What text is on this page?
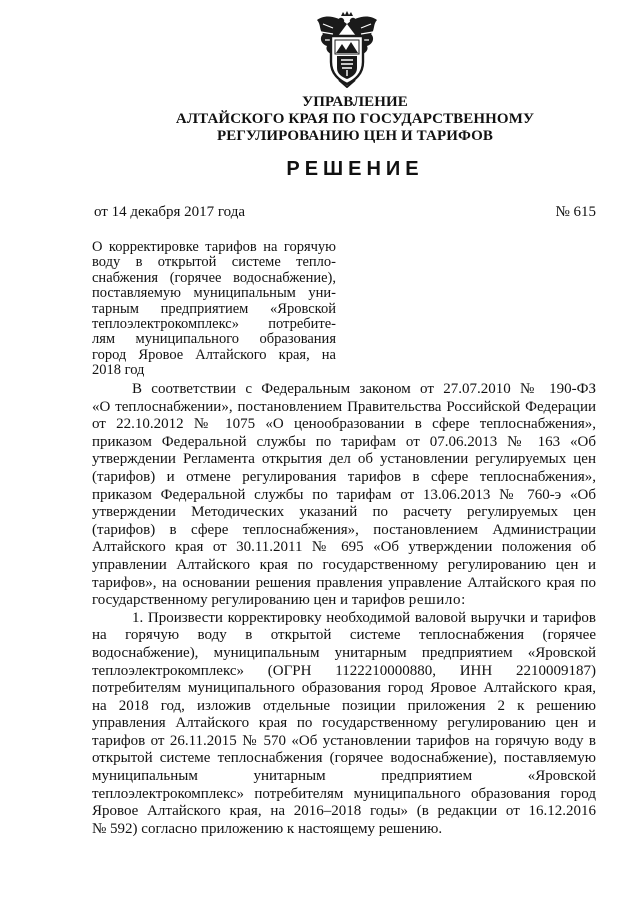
УПРАВЛЕНИЕ
АЛТАЙСКОГО КРАЯ ПО ГОСУДАРСТВЕННОМУ
РЕГУЛИРОВАНИЮ ЦЕН И ТАРИФОВ
РЕШЕНИЕ
от 14 декабря 2017 года	№ 615
О корректировке тарифов на горячую
воду в открытой системе тепло-
снабжения (горячее водоснабжение),
поставляемую муниципальным уни-
тарным предприятием «Яровской
теплоэлектрокомплекс» потребите-
лям муниципального образования
город Яровое Алтайского края, на
2018 год
В соответствии с Федеральным законом от 27.07.2010 № 190-ФЗ
«О теплоснабжении», постановлением Правительства Российской Федерации
от 22.10.2012 № 1075 «О ценообразовании в сфере теплоснабжения»,
приказом Федеральной службы по тарифам от 07.06.2013 № 163 «Об
утверждении Регламента открытия дел об установлении регулируемых цен
(тарифов) и отмене регулирования тарифов в сфере теплоснабжения»,
приказом Федеральной службы по тарифам от 13.06.2013 № 760-э «Об
утверждении Методических указаний по расчету регулируемых цен
(тарифов) в сфере теплоснабжения», постановлением Администрации
Алтайского края от 30.11.2011 № 695 «Об утверждении положения об
управлении Алтайского края по государственному регулированию цен и
тарифов», на основании решения правления управление Алтайского края по
государственному регулированию цен и тарифов решило:
1. Произвести корректировку необходимой валовой выручки и тарифов
на горячую воду в открытой системе теплоснабжения (горячее
водоснабжение), муниципальным унитарным предприятием «Яровской
теплоэлектрокомплекс» (ОГРН 1122210000880, ИНН 2210009187)
потребителям муниципального образования город Яровое Алтайского края,
на 2018 год, изложив отдельные позиции приложения 2 к решению
управления Алтайского края по государственному регулированию цен и
тарифов от 26.11.2015 № 570 «Об установлении тарифов на горячую воду в
открытой системе теплоснабжения (горячее водоснабжение), поставляемую
муниципальным унитарным предприятием «Яровской
теплоэлектрокомплекс» потребителям муниципального образования город
Яровое Алтайского края, на 2016–2018 годы» (в редакции от 16.12.2016
№ 592) согласно приложению к настоящему решению.
